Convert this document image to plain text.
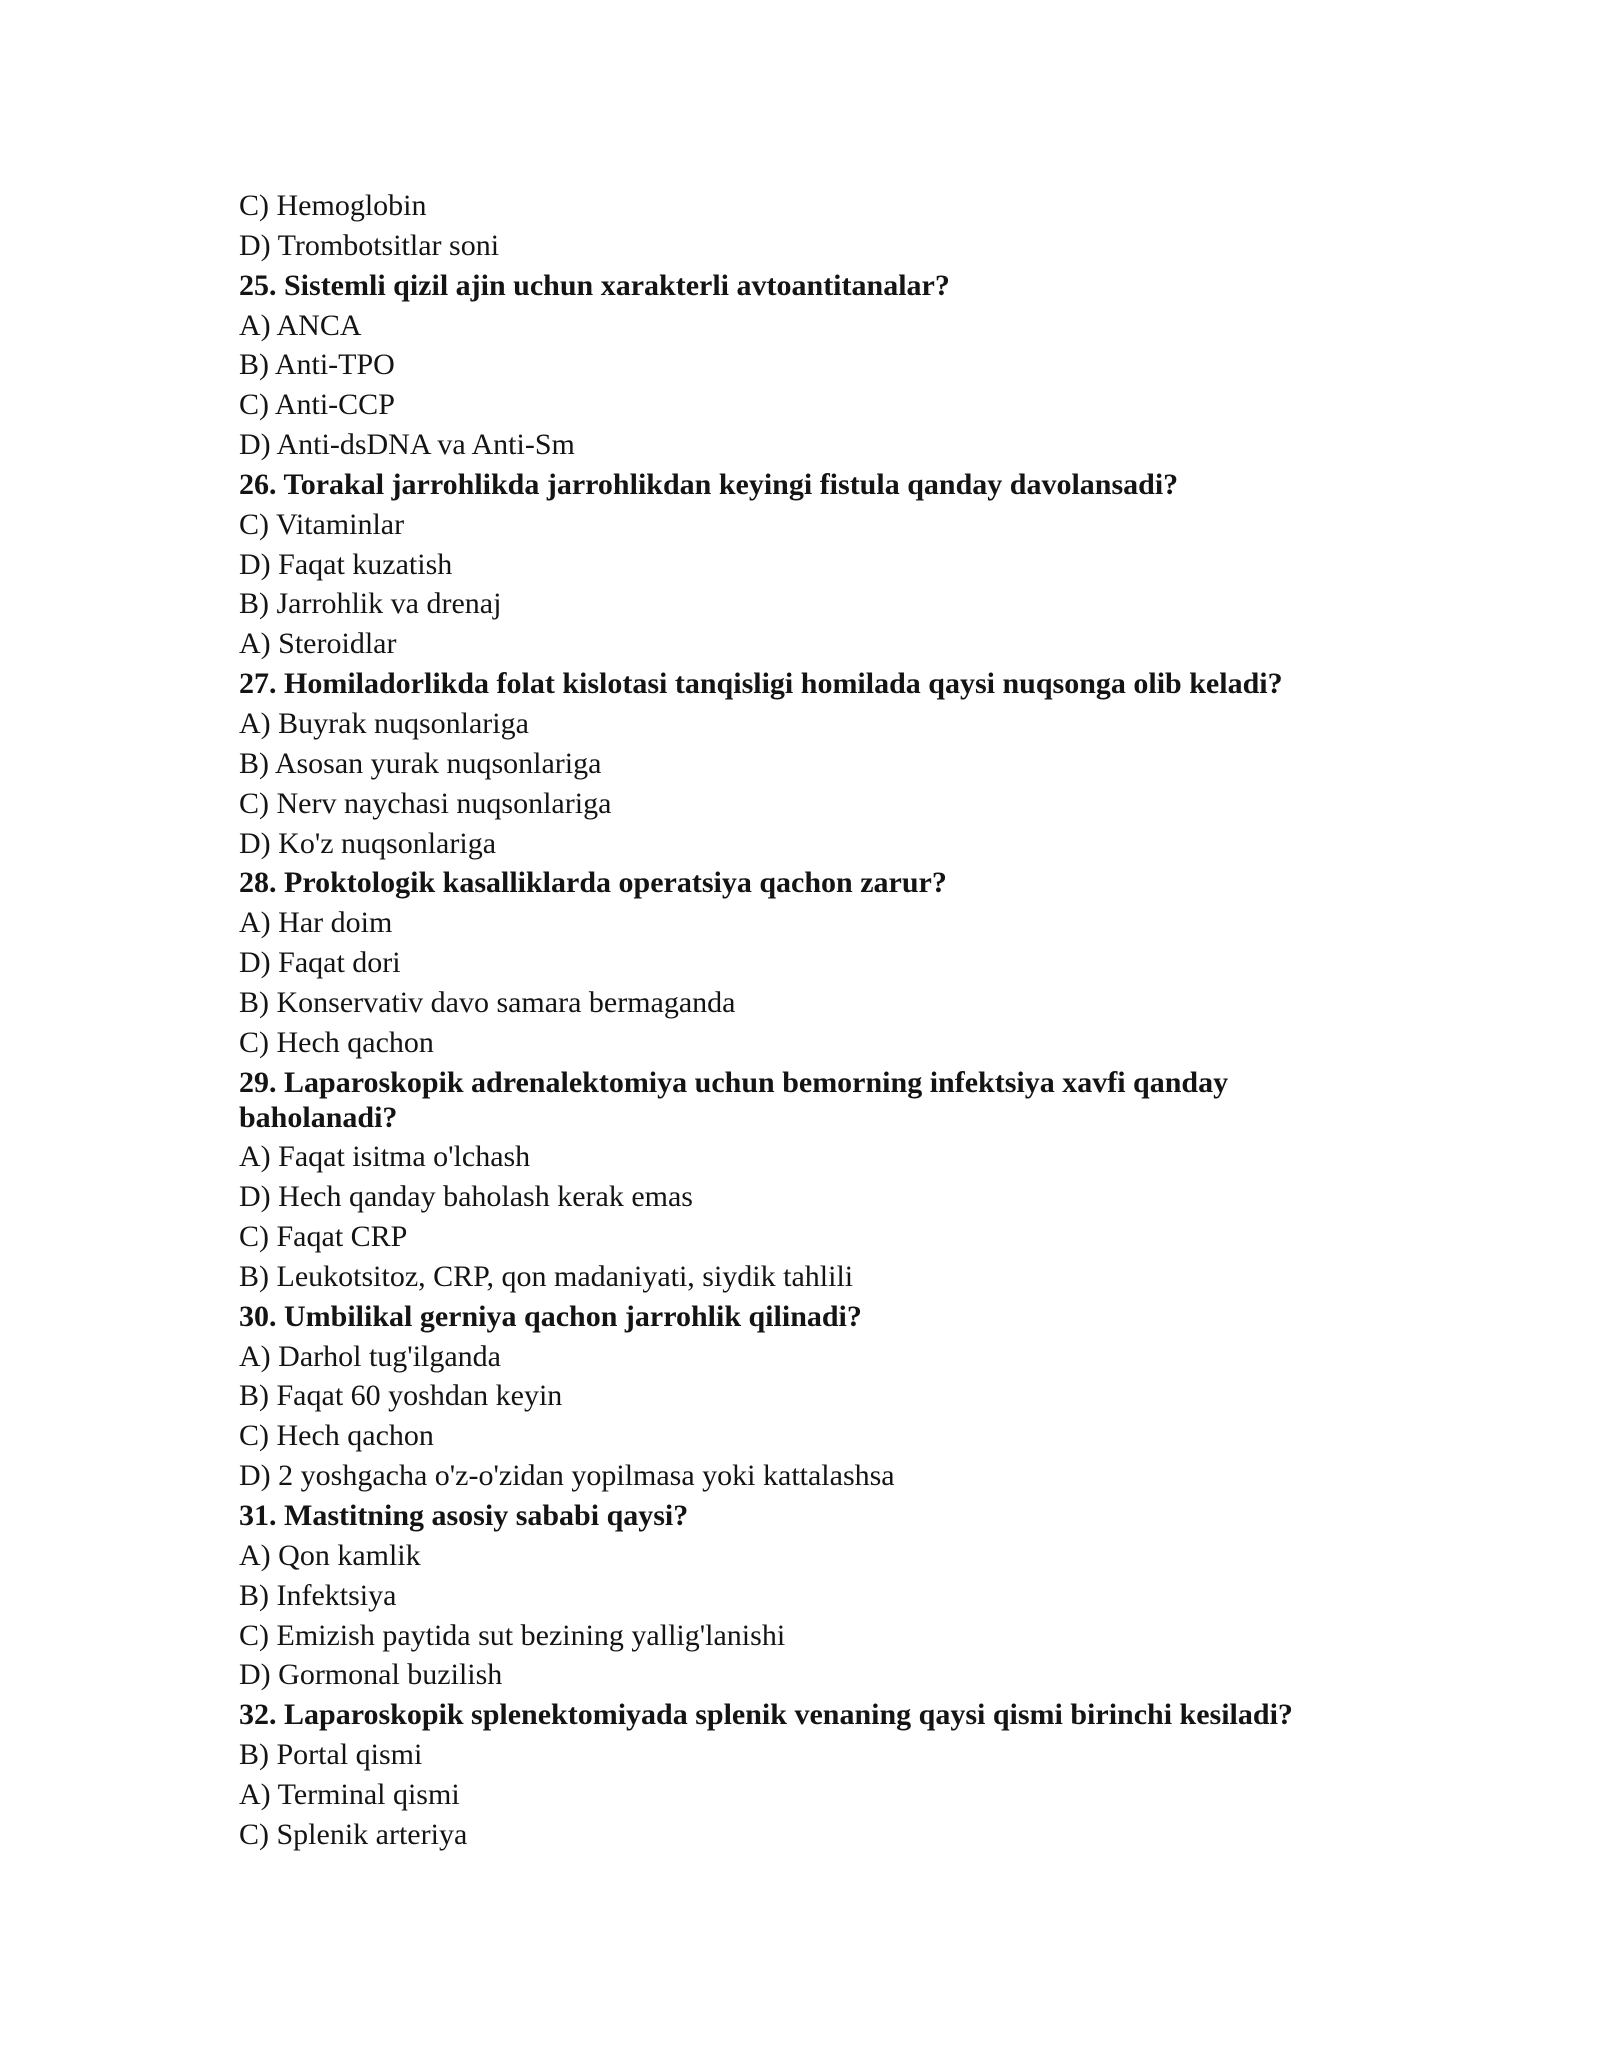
C) Hemoglobin

D) Trombotsitlar soni

25. Sistemli qizil ajin uchun xarakterli avtoantitanalar?

A) ANCA

B) Anti-TPO

C) Anti-CCP

D) Anti-dsDNA va Anti-Sm

26. Torakal jarrohlikda jarrohlikdan keyingi fistula qanday davolansadi?

C) Vitaminlar

D) Faqat kuzatish

B) Jarrohlik va drenaj

A) Steroidlar

27. Homiladorlikda folat kislotasi tanqisligi homilada qaysi nuqsonga olib keladi?

A) Buyrak nuqsonlariga

B) Asosan yurak nuqsonlariga

C) Nerv naychasi nuqsonlariga

D) Ko'z nuqsonlariga

28. Proktologik kasalliklarda operatsiya qachon zarur?

A) Har doim

D) Faqat dori

B) Konservativ davo samara bermaganda

C) Hech qachon

29. Laparoskopik adrenalektomiya uchun bemorning infektsiya xavfi qanday baholanadi?

A) Faqat isitma o'lchash

D) Hech qanday baholash kerak emas

C) Faqat CRP

B) Leukotsitoz, CRP, qon madaniyati, siydik tahlili

30. Umbilikal gerniya qachon jarrohlik qilinadi?

A) Darhol tug'ilganda

B) Faqat 60 yoshdan keyin

C) Hech qachon

D) 2 yoshgacha o'z-o'zidan yopilmasa yoki kattalashsa

31. Mastitning asosiy sababi qaysi?

A) Qon kamlik

B) Infektsiya

C) Emizish paytida sut bezining yallig'lanishi

D) Gormonal buzilish

32. Laparoskopik splenektomiyada splenik venaning qaysi qismi birinchi kesiladi?

B) Portal qismi

A) Terminal qismi

C) Splenik arteriya
